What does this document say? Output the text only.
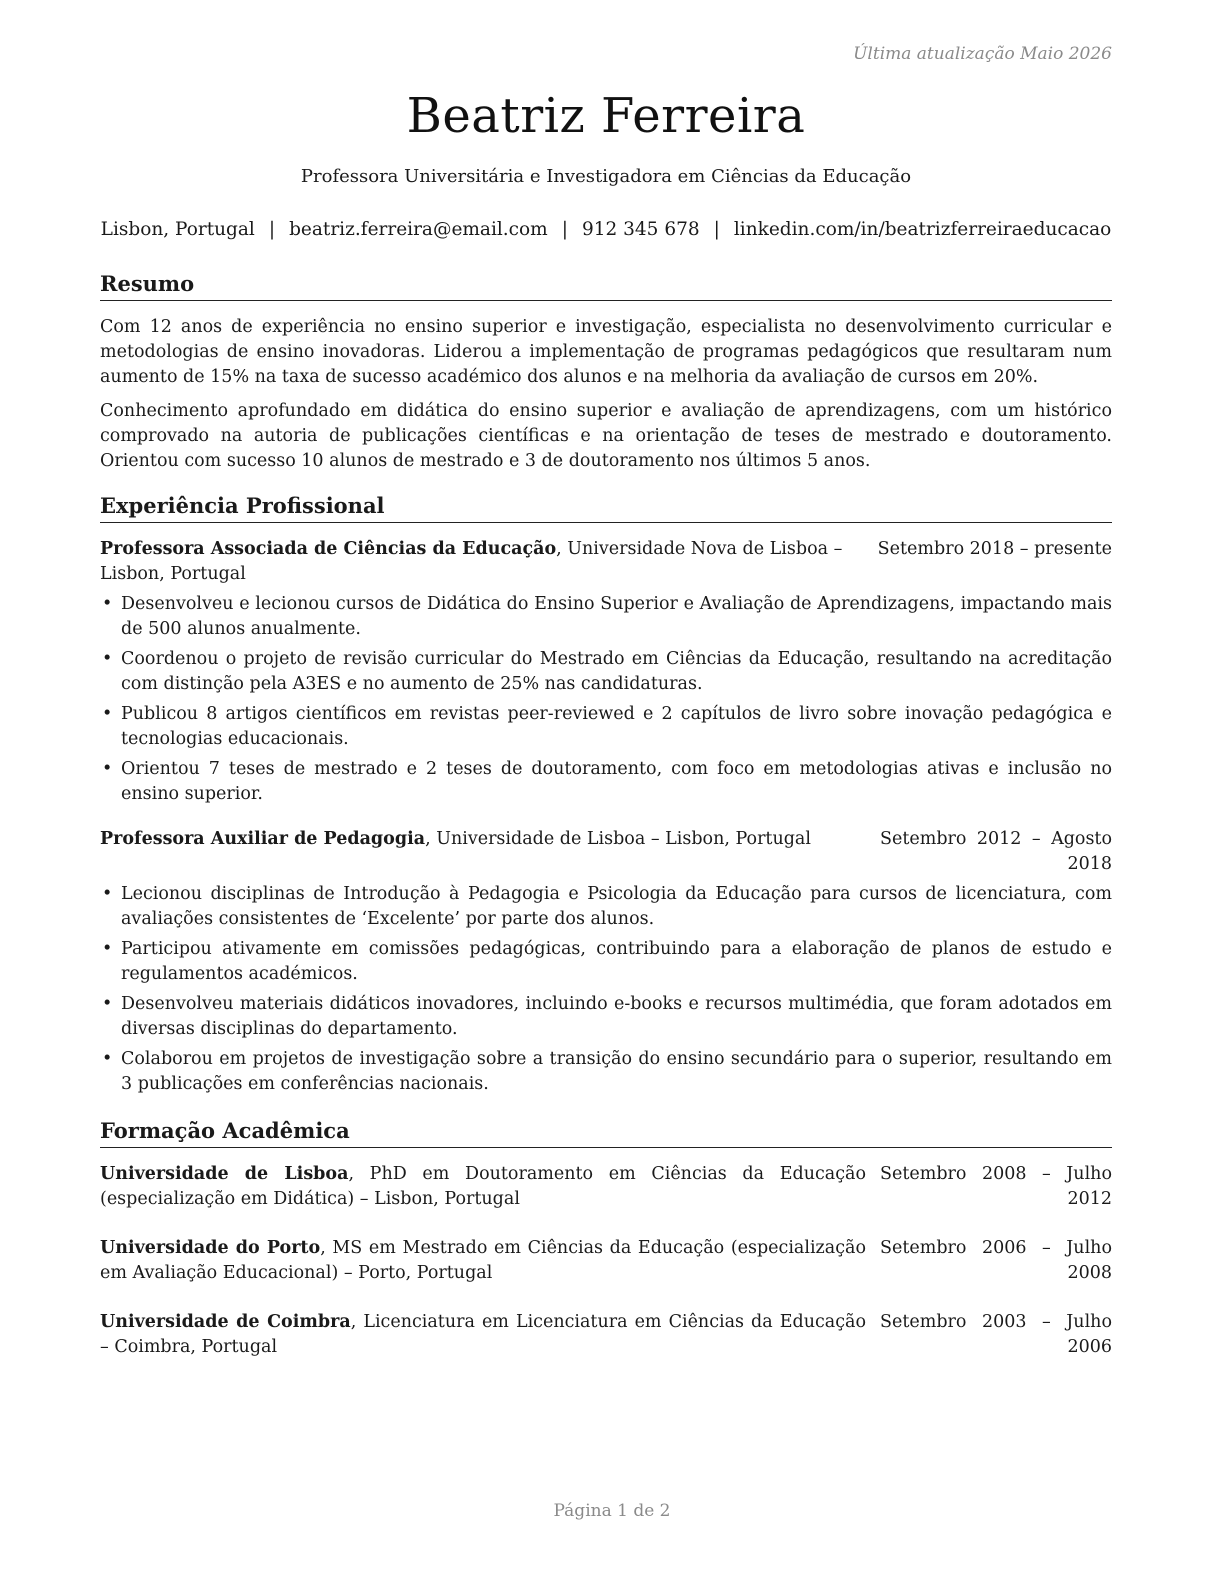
Última atualização Maio 2026
Beatriz Ferreira
Professora Universitária e Investigadora em Ciências da Educação
Lisbon, Portugal | beatriz.ferreira@email.com | 912 345 678 | linkedin.com/in/beatrizferreiraeducacao
Resumo

Com 12 anos de experiência no ensino superior e investigação, especialista no desenvolvimento curricular e metodologias de ensino inovadoras. Liderou a implementação de programas pedagógicos que resultaram num aumento de 15% na taxa de sucesso académico dos alunos e na melhoria da avaliação de cursos em 20%.

Conhecimento aprofundado em didática do ensino superior e avaliação de aprendizagens, com um histórico comprovado na autoria de publicações científicas e na orientação de teses de mestrado e doutoramento. Orientou com sucesso 10 alunos de mestrado e 3 de doutoramento nos últimos 5 anos.

Experiência Profissional
Professora Associada de Ciências da Educação, Universidade Nova de Lisboa – Lisbon, Portugal
Setembro 2018 – presente
• Desenvolveu e lecionou cursos de Didática do Ensino Superior e Avaliação de Aprendizagens, impactando mais de 500 alunos anualmente.
• Coordenou o projeto de revisão curricular do Mestrado em Ciências da Educação, resultando na acreditação com distinção pela A3ES e no aumento de 25% nas candidaturas.
• Publicou 8 artigos científicos em revistas peer-reviewed e 2 capítulos de livro sobre inovação pedagógica e tecnologias educacionais.
• Orientou 7 teses de mestrado e 2 teses de doutoramento, com foco em metodologias ativas e inclusão no ensino superior.
Professora Auxiliar de Pedagogia, Universidade de Lisboa – Lisbon, Portugal	Setembro 2012 – Agosto 2018
• Lecionou disciplinas de Introdução à Pedagogia e Psicologia da Educação para cursos de licenciatura, com avaliações consistentes de ‘Excelente’ por parte dos alunos.
• Participou ativamente em comissões pedagógicas, contribuindo para a elaboração de planos de estudo e regulamentos académicos.
• Desenvolveu materiais didáticos inovadores, incluindo e-books e recursos multimédia, que foram adotados em diversas disciplinas do departamento.
• Colaborou em projetos de investigação sobre a transição do ensino secundário para o superior, resultando em 3 publicações em conferências nacionais.
Formação Acadêmica
Universidade de Lisboa, PhD em Doutoramento em Ciências da Educação (especialização em Didática) – Lisbon, Portugal
Setembro 2008 – Julho 2012
Universidade do Porto, MS em Mestrado em Ciências da Educação (especialização em Avaliação Educacional) – Porto, Portugal
Setembro 2006 – Julho 2008
Universidade de Coimbra, Licenciatura em Licenciatura em Ciências da Educação – Coimbra, Portugal
Setembro 2003 – Julho 2006
Página 1 de 2
